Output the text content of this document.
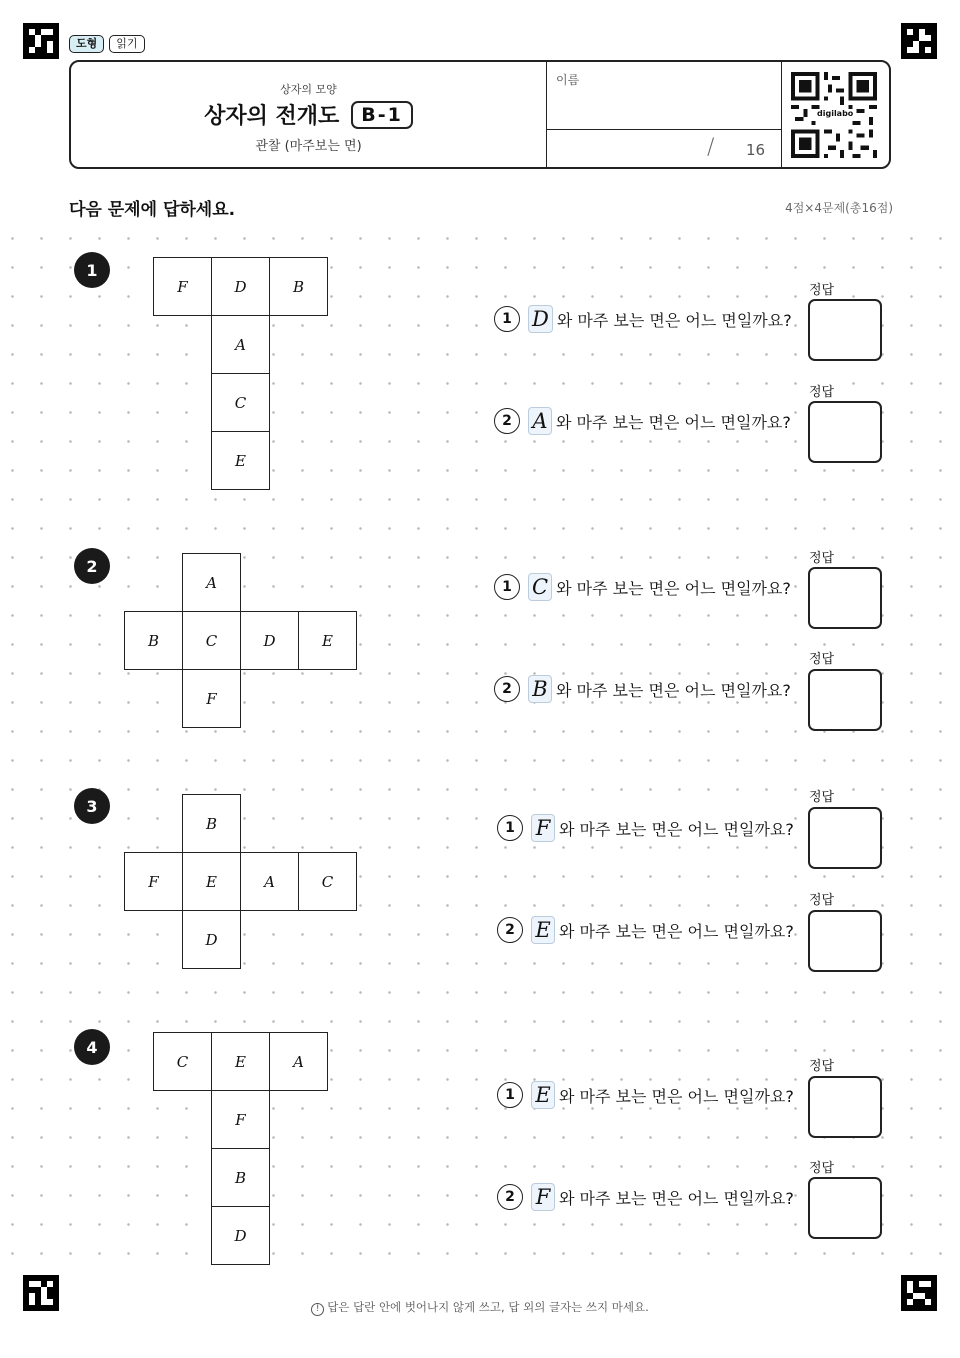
도형	읽기
상자의 모양
상자의 전개도	B-1
관찰 (마주보는 면)
이름
/ 16
digilabo
다음 문제에 답하세요.	4점×4문제(총16점)
1
F	D	B
A
C
E
1 D 와 마주 보는 면은 어느 면일까요?
정답
2 A 와 마주 보는 면은 어느 면일까요?
정답
2
A
B	C	D	E
F
1 C 와 마주 보는 면은 어느 면일까요?
정답
2 B 와 마주 보는 면은 어느 면일까요?
정답
3
B
F	E	A	C
D
1 F 와 마주 보는 면은 어느 면일까요?
정답
2 E 와 마주 보는 면은 어느 면일까요?
정답
4
C	E	A
F
B
D
1 E 와 마주 보는 면은 어느 면일까요?
정답
2 F 와 마주 보는 면은 어느 면일까요?
정답
! 답은 답란 안에 벗어나지 않게 쓰고, 답 외의 글자는 쓰지 마세요.
